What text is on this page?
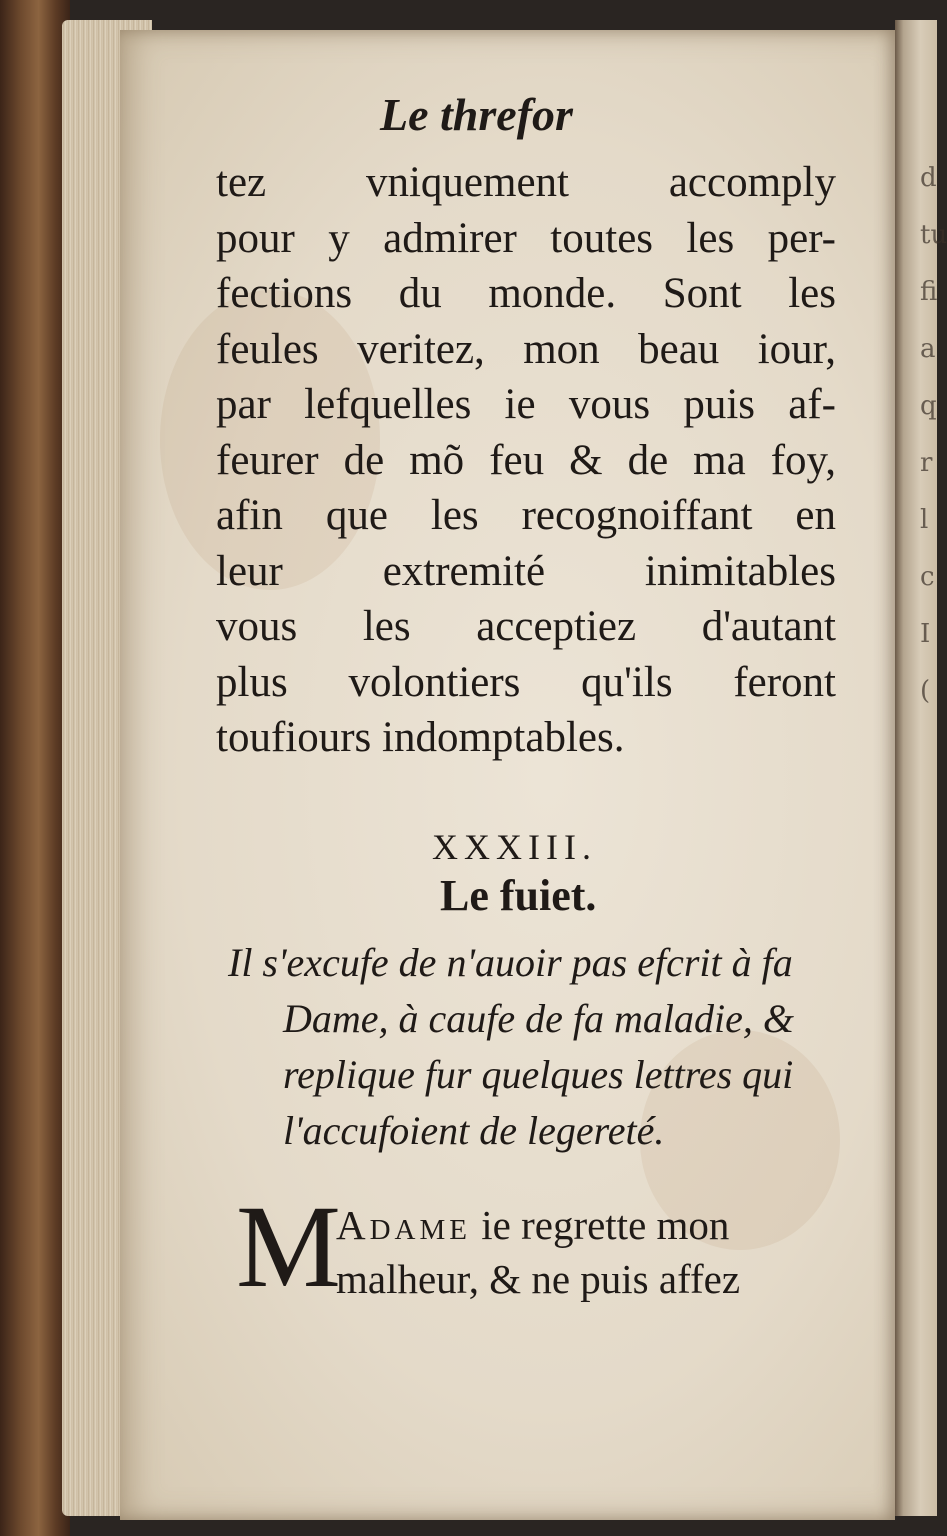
d
tu
fi
a
q
r
l
c
I
(
Le threfor
tez vniquement accomply
pour y admirer toutes les per-
fections du monde. Sont les
feules veritez, mon beau iour,
par lefquelles ie vous puis af-
feurer de mõ feu & de ma foy,
afin que les recognoiffant en
leur extremité inimitables
vous les acceptiez d'autant
plus volontiers qu'ils feront
toufiours indomptables.

XXXIII.

Le fuiet.
Il s'excufe de n'auoir pas efcrit à fa
Dame, à caufe de fa maladie, &
replique fur quelques lettres qui
l'accufoient de legereté.

M

Adame ie regrette mon
malheur, & ne puis affez
